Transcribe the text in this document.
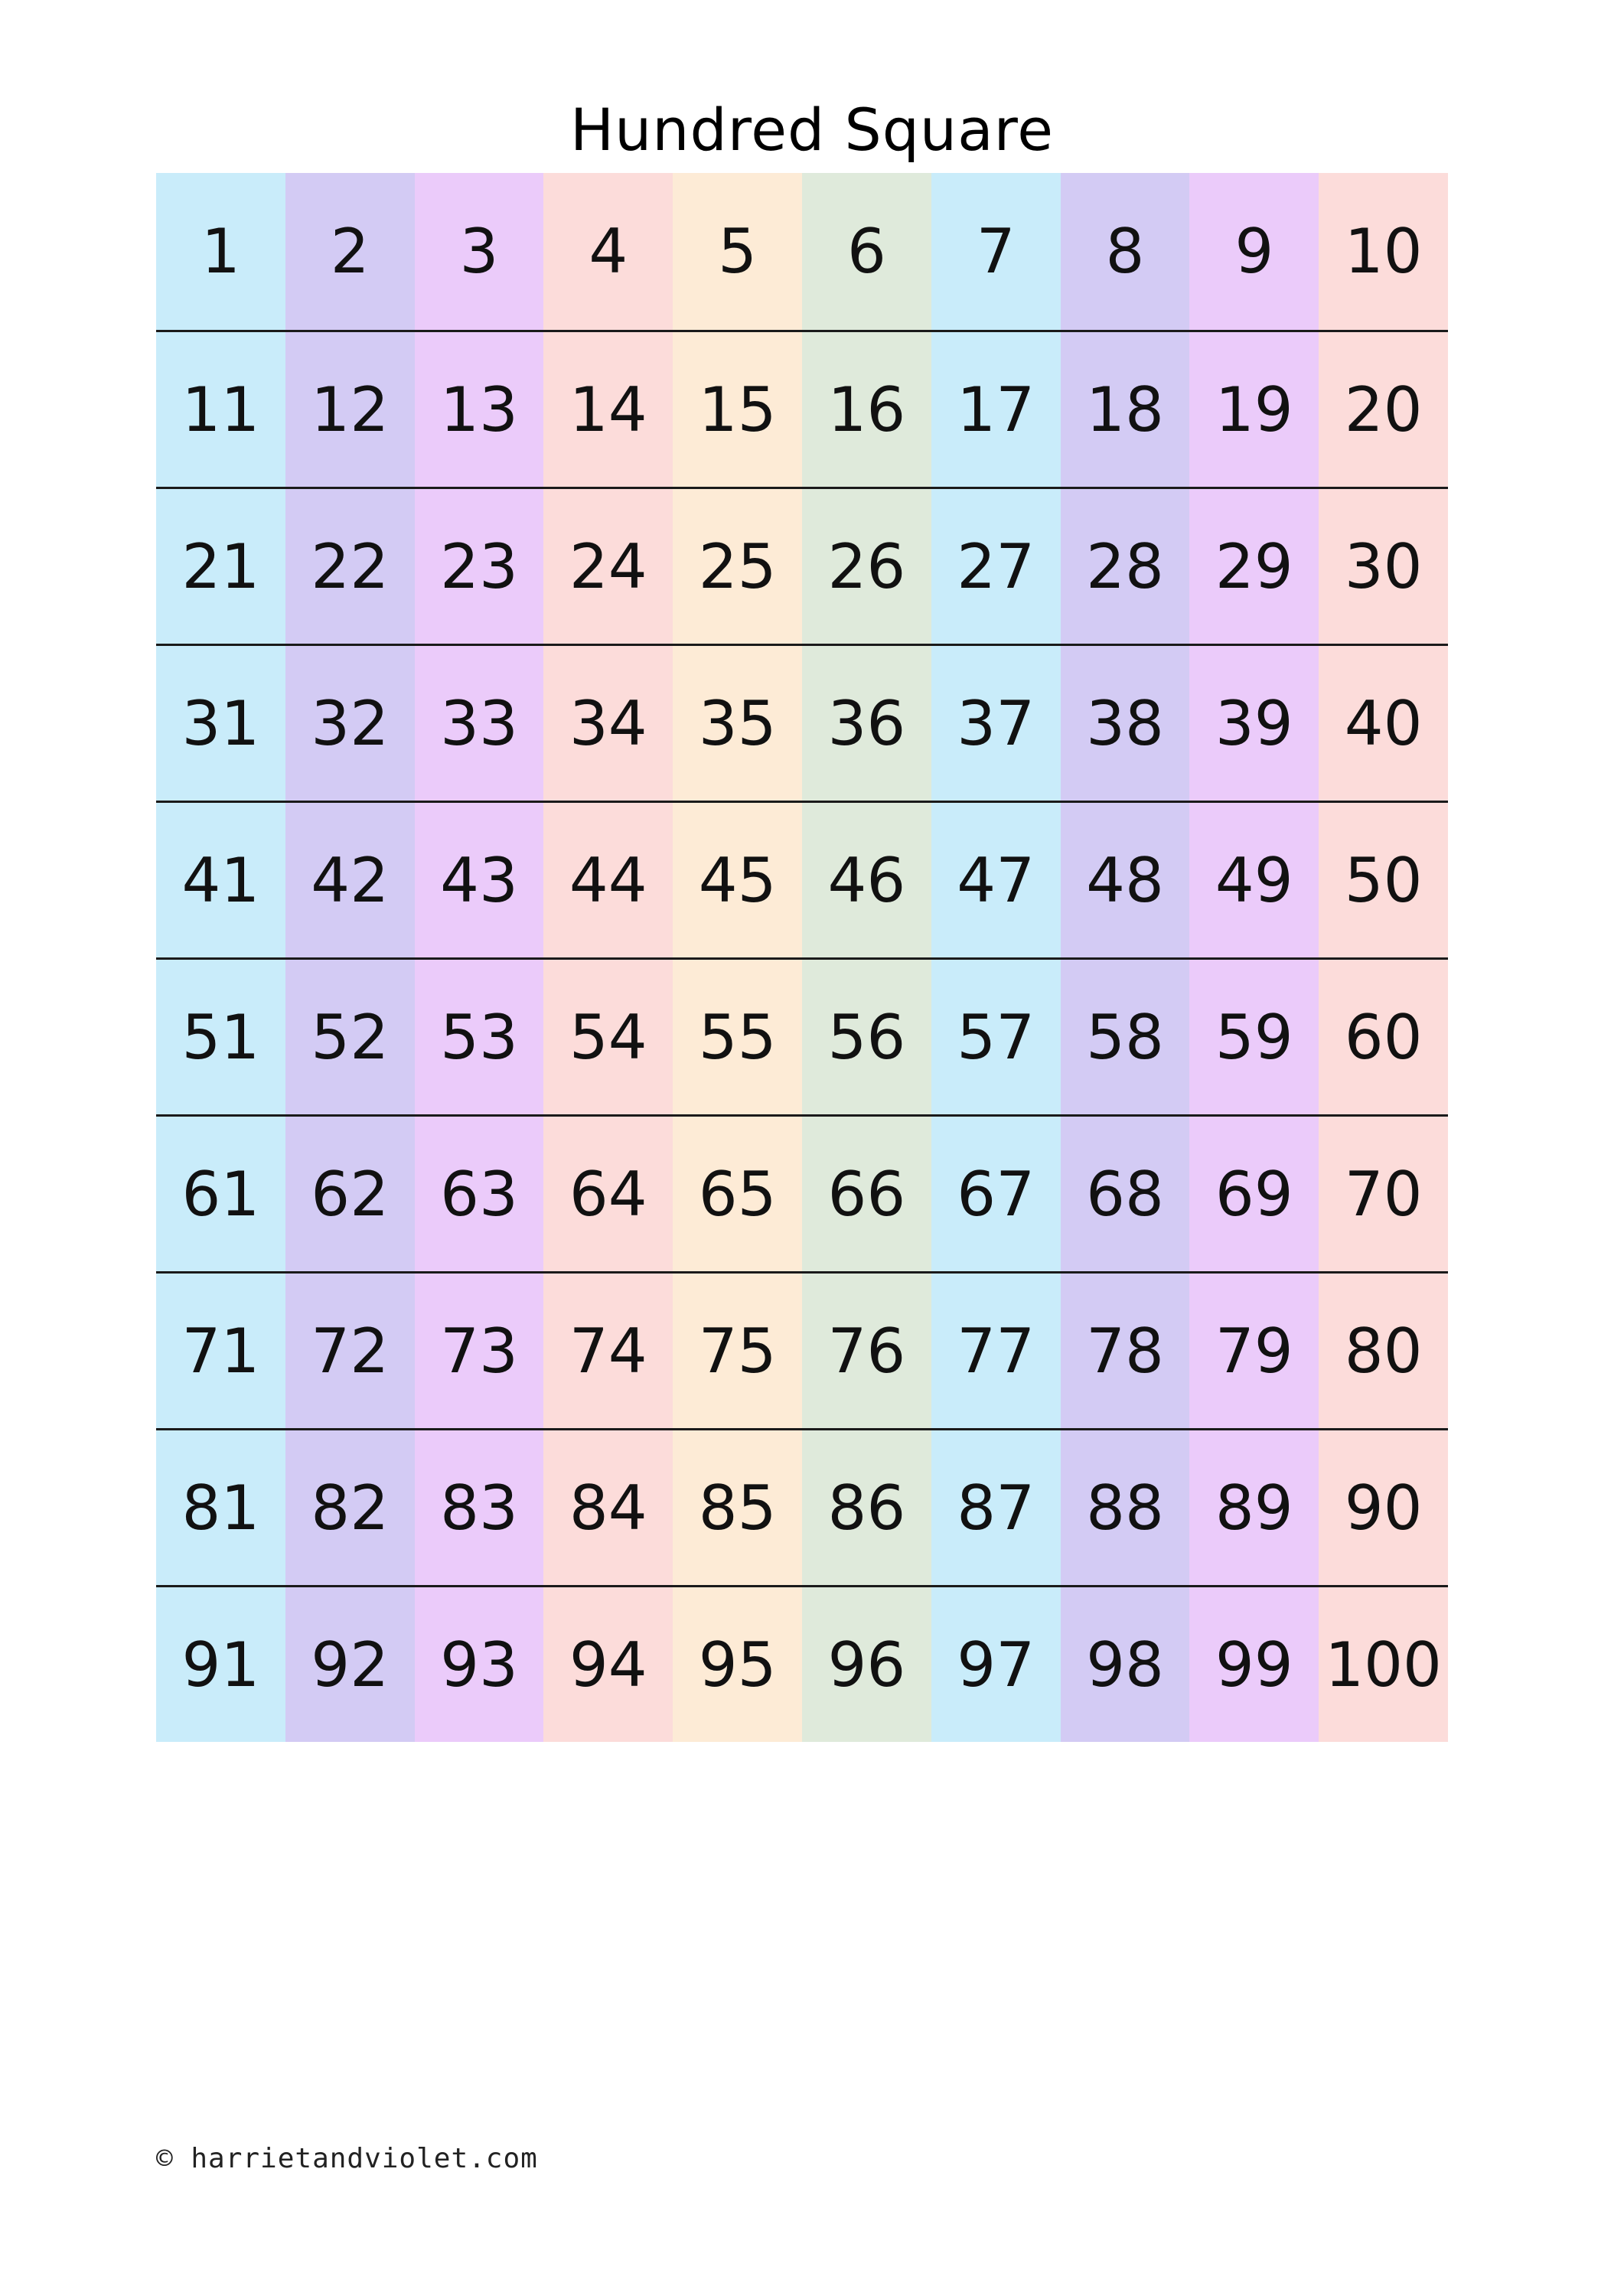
Hundred Square
1	2	3	4	5	6	7	8	9	10
11 12 13 14 15 16 17 18 19 20
21 22 23 24 25 26 27 28 29 30
31 32 33 34 35 36 37 38 39 40
41 42 43 44 45 46 47 48 49 50
51 52 53 54 55 56 57 58 59 60
61 62 63 64 65 66 67 68 69 70
71 72 73 74 75 76 77 78 79 80
81 82 83 84 85 86 87 88 89 90
91 92 93 94 95 96 97 98 99 100
© harrietandviolet.com
